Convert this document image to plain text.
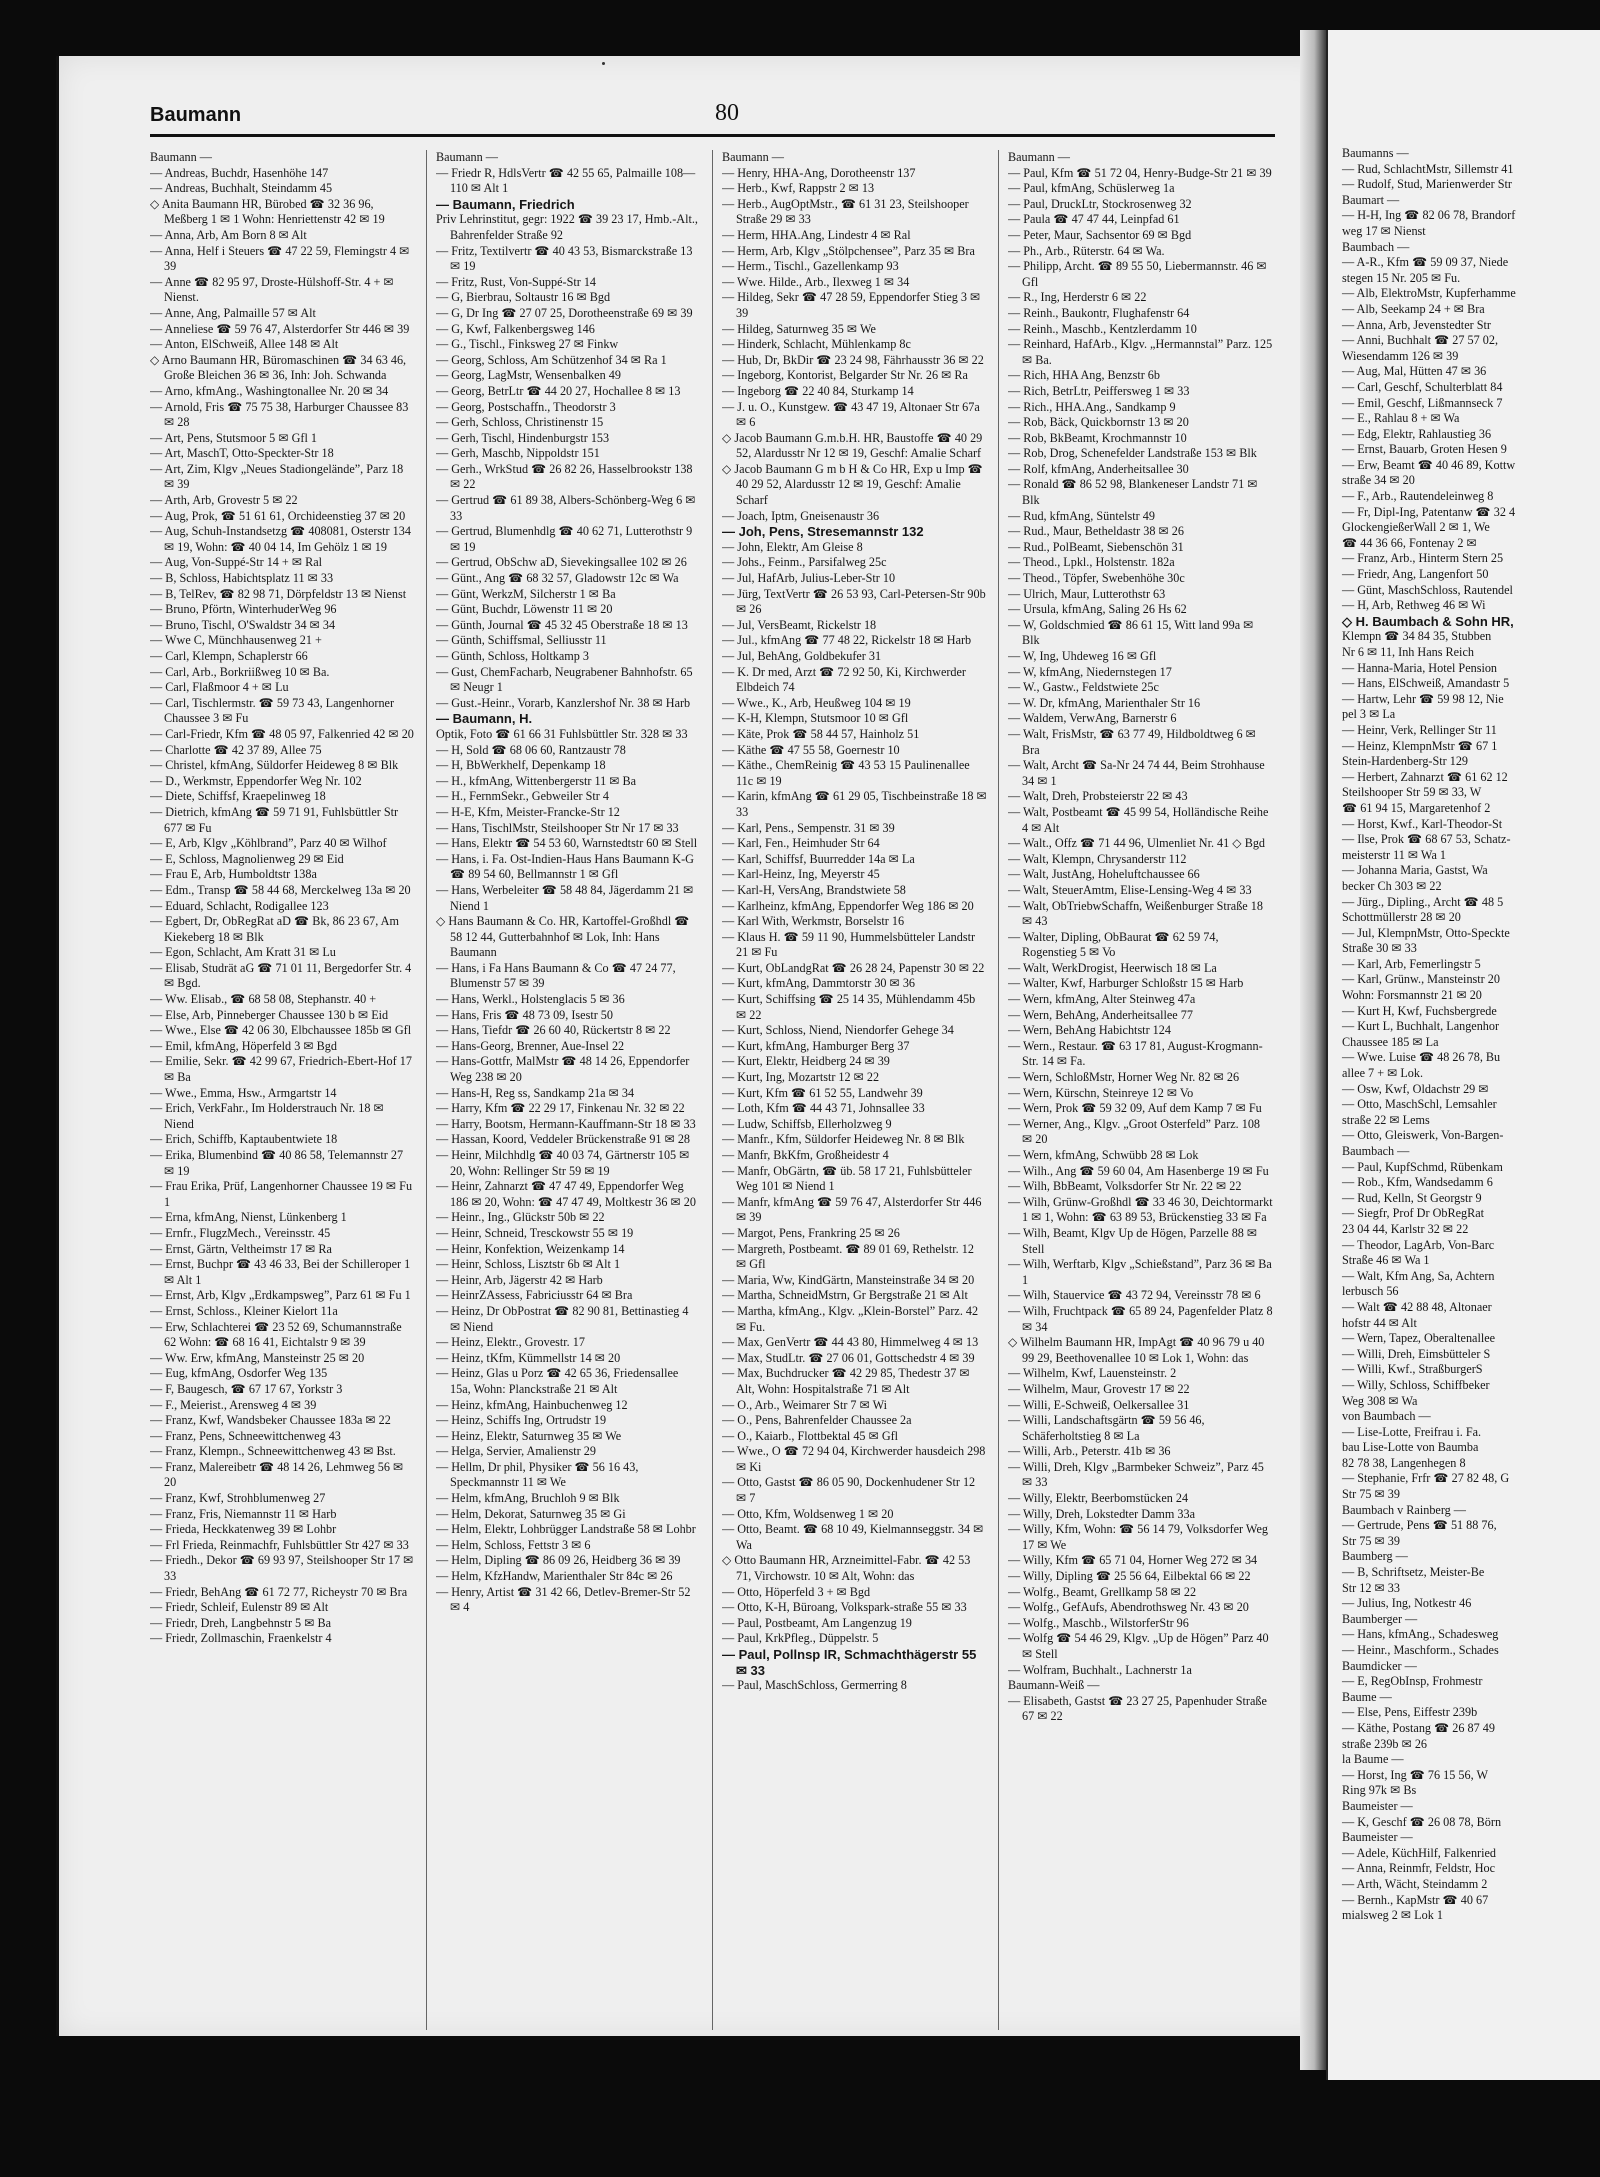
Baumanns —
— Rud, SchlachtMstr, Sillemstr 41
— Rudolf, Stud, Marienwerder Str
Baumart —
— H-H, Ing ☎ 82 06 78, Brandorf
weg 17 ✉ Nienst
Baumbach —
— A-R., Kfm ☎ 59 09 37, Niede
stegen 15 Nr. 205 ✉ Fu.
— Alb, ElektroMstr, Kupferhamme
— Alb, Seekamp 24 + ✉ Bra
— Anna, Arb, Jevenstedter Str
— Anni, Buchhalt ☎ 27 57 02,
Wiesendamm 126 ✉ 39
— Aug, Mal, Hütten 47 ✉ 36
— Carl, Geschf, Schulterblatt 84
— Emil, Geschf, Lißmannseck 7
— E., Rahlau 8 + ✉ Wa
— Edg, Elektr, Rahlaustieg 36
— Ernst, Bauarb, Groten Hesen 9
— Erw, Beamt ☎ 40 46 89, Kottw
straße 34 ✉ 20
— F., Arb., Rautendeleinweg 8
— Fr, Dipl-Ing, Patentanw ☎ 32 4
GlockengießerWall 2 ✉ 1, We
☎ 44 36 66, Fontenay 2 ✉
— Franz, Arb., Hinterm Stern 25
— Friedr, Ang, Langenfort 50
— Günt, MaschSchloss, Rautendel
— H, Arb, Rethweg 46 ✉ Wi
◇ H. Baumbach & Sohn HR,
Klempn ☎ 34 84 35, Stubben
Nr 6 ✉ 11, Inh Hans Reich
— Hanna-Maria, Hotel Pension
— Hans, ElSchweiß, Amandastr 5
— Hartw, Lehr ☎ 59 98 12, Nie
pel 3 ✉ La
— Heinr, Verk, Rellinger Str 11
— Heinz, KlempnMstr ☎ 67 1
Stein-Hardenberg-Str 129
— Herbert, Zahnarzt ☎ 61 62 12
Steilshooper Str 59 ✉ 33, W
☎ 61 94 15, Margaretenhof 2
— Horst, Kwf., Karl-Theodor-St
— Ilse, Prok ☎ 68 67 53, Schatz-
meisterstr 11 ✉ Wa 1
— Johanna Maria, Gastst, Wa
becker Ch 303 ✉ 22
— Jürg., Dipling., Archt ☎ 48 5
Schottmüllerstr 28 ✉ 20
— Jul, KlempnMstr, Otto-Speckte
Straße 30 ✉ 33
— Karl, Arb, Femerlingstr 5
— Karl, Grünw., Mansteinstr 20
Wohn: Forsmannstr 21 ✉ 20
— Kurt H, Kwf, Fuchsbergrede
— Kurt L, Buchhalt, Langenhor
Chaussee 185 ✉ La
— Wwe. Luise ☎ 48 26 78, Bu
allee 7 + ✉ Lok.
— Osw, Kwf, Oldachstr 29 ✉
— Otto, MaschSchl, Lemsahler
straße 22 ✉ Lems
— Otto, Gleiswerk, Von-Bargen-
Baumbach —
— Paul, KupfSchmd, Rübenkam
— Rob., Kfm, Wandsedamm 6
— Rud, Kelln, St Georgstr 9
— Siegfr, Prof Dr ObRegRat
23 04 44, Karlstr 32 ✉ 22
— Theodor, LagArb, Von-Barc
Straße 46 ✉ Wa 1
— Walt, Kfm Ang, Sa, Achtern
lerbusch 56
— Walt ☎ 42 88 48, Altonaer
hofstr 44 ✉ Alt
— Wern, Tapez, Oberaltenallee
— Willi, Dreh, Eimsbütteler S
— Willi, Kwf., StraßburgerS
— Willy, Schloss, Schiffbeker
Weg 308 ✉ Wa
von Baumbach —
— Lise-Lotte, Freifrau i. Fa.
bau Lise-Lotte von Baumba
82 78 38, Langenhegen 8
— Stephanie, Frfr ☎ 27 82 48, G
Str 75 ✉ 39
Baumbach v Rainberg —
— Gertrude, Pens ☎ 51 88 76,
Str 75 ✉ 39
Baumberg —
— B, Schriftsetz, Meister-Be
Str 12 ✉ 33
— Julius, Ing, Notkestr 46
Baumberger —
— Hans, kfmAng., Schadesweg
— Heinr., Maschform., Schades
Baumdicker —
— E, RegObInsp, Frohmestr
Baume —
— Else, Pens, Eiffestr 239b
— Käthe, Postang ☎ 26 87 49
straße 239b ✉ 26
la Baume —
— Horst, Ing ☎ 76 15 56, W
Ring 97k ✉ Bs
Baumeister —
— K, Geschf ☎ 26 08 78, Börn
Baumeister —
— Adele, KüchHilf, Falkenried
— Anna, Reinmfr, Feldstr, Hoc
— Arth, Wächt, Steindamm 2
— Bernh., KapMstr ☎ 40 67
mialsweg 2 ✉ Lok 1
Baumann	80
Baumann —
— Andreas, Buchdr, Hasenhöhe 147
— Andreas, Buchhalt, Steindamm 45
◇ Anita Baumann HR, Bürobed ☎ 32 36 96, Meßberg 1 ✉ 1 Wohn: Henriettenstr 42 ✉ 19
— Anna, Arb, Am Born 8 ✉ Alt
— Anna, Helf i Steuers ☎ 47 22 59, Flemingstr 4 ✉ 39
— Anne ☎ 82 95 97, Droste-Hülshoff-Str. 4 + ✉ Nienst.
— Anne, Ang, Palmaille 57 ✉ Alt
— Anneliese ☎ 59 76 47, Alsterdorfer Str 446 ✉ 39
— Anton, ElSchweiß, Allee 148 ✉ Alt
◇ Arno Baumann HR, Büromaschinen ☎ 34 63 46, Große Bleichen 36 ✉ 36, Inh: Joh. Schwanda
— Arno, kfmAng., Washingtonallee Nr. 20 ✉ 34
— Arnold, Fris ☎ 75 75 38, Harburger Chaussee 83 ✉ 28
— Art, Pens, Stutsmoor 5 ✉ Gfl 1
— Art, MaschT, Otto-Speckter-Str 18
— Art, Zim, Klgv „Neues Stadiongelände”, Parz 18 ✉ 39
— Arth, Arb, Grovestr 5 ✉ 22
— Aug, Prok, ☎ 51 61 61, Orchideenstieg 37 ✉ 20
— Aug, Schuh-Instandsetzg ☎ 408081, Osterstr 134 ✉ 19, Wohn: ☎ 40 04 14, Im Gehölz 1 ✉ 19
— Aug, Von-Suppé-Str 14 + ✉ Ral
— B, Schloss, Habichtsplatz 11 ✉ 33
— B, TelRev, ☎ 82 98 71, Dörpfeldstr 13 ✉ Nienst
— Bruno, Pförtn, WinterhuderWeg 96
— Bruno, Tischl, O'Swaldstr 34 ✉ 34
— Wwe C, Münchhausenweg 21 +
— Carl, Klempn, Schaplerstr 66
— Carl, Arb., Borkriißweg 10 ✉ Ba.
— Carl, Flaßmoor 4 + ✉ Lu
— Carl, Tischlermstr. ☎ 59 73 43, Langenhorner Chaussee 3 ✉ Fu
— Carl-Friedr, Kfm ☎ 48 05 97, Falkenried 42 ✉ 20
— Charlotte ☎ 42 37 89, Allee 75
— Christel, kfmAng, Süldorfer Heideweg 8 ✉ Blk
— D., Werkmstr, Eppendorfer Weg Nr. 102
— Diete, Schiffsf, Kraepelinweg 18
— Dietrich, kfmAng ☎ 59 71 91, Fuhlsbüttler Str 677 ✉ Fu
— E, Arb, Klgv „Köhlbrand”, Parz 40 ✉ Wilhof
— E, Schloss, Magnolienweg 29 ✉ Eid
— Frau E, Arb, Humboldtstr 138a
— Edm., Transp ☎ 58 44 68, Merckelweg 13a ✉ 20
— Eduard, Schlacht, Rodigallee 123
— Egbert, Dr, ObRegRat aD ☎ Bk, 86 23 67, Am Kiekeberg 18 ✉ Blk
— Egon, Schlacht, Am Kratt 31 ✉ Lu
— Elisab, Studrät aG ☎ 71 01 11, Bergedorfer Str. 4 ✉ Bgd.
— Ww. Elisab., ☎ 68 58 08, Stephanstr. 40 +
— Else, Arb, Pinneberger Chaussee 130 b ✉ Eid
— Wwe., Else ☎ 42 06 30, Elbchaussee 185b ✉ Gfl
— Emil, kfmAng, Höperfeld 3 ✉ Bgd
— Emilie, Sekr. ☎ 42 99 67, Friedrich-Ebert-Hof 17 ✉ Ba
— Wwe., Emma, Hsw., Armgartstr 14
— Erich, VerkFahr., Im Holderstrauch Nr. 18 ✉ Niend
— Erich, Schiffb, Kaptaubentwiete 18
— Erika, Blumenbind ☎ 40 86 58, Telemannstr 27 ✉ 19
— Frau Erika, Prüf, Langenhorner Chaussee 19 ✉ Fu 1
— Erna, kfmAng, Nienst, Lünkenberg 1
— Ernfr., FlugzMech., Vereinsstr. 45
— Ernst, Gärtn, Veltheimstr 17 ✉ Ra
— Ernst, Buchpr ☎ 43 46 33, Bei der Schilleroper 1 ✉ Alt 1
— Ernst, Arb, Klgv „Erdkampsweg”, Parz 61 ✉ Fu 1
— Ernst, Schloss., Kleiner Kielort 11a
— Erw, Schlachterei ☎ 23 52 69, Schumannstraße 62 Wohn: ☎ 68 16 41, Eichtalstr 9 ✉ 39
— Ww. Erw, kfmAng, Mansteinstr 25 ✉ 20
— Eug, kfmAng, Osdorfer Weg 135
— F, Baugesch, ☎ 67 17 67, Yorkstr 3
— F., Meierist., Arensweg 4 ✉ 39
— Franz, Kwf, Wandsbeker Chaussee 183a ✉ 22
— Franz, Pens, Schneewittchenweg 43
— Franz, Klempn., Schneewittchenweg 43 ✉ Bst.
— Franz, Malereibetr ☎ 48 14 26, Lehmweg 56 ✉ 20
— Franz, Kwf, Strohblumenweg 27
— Franz, Fris, Niemannstr 11 ✉ Harb
— Frieda, Heckkatenweg 39 ✉ Lohbr
— Frl Frieda, Reinmachfr, Fuhlsbüttler Str 427 ✉ 33
— Friedh., Dekor ☎ 69 93 97, Steilshooper Str 17 ✉ 33
— Friedr, BehAng ☎ 61 72 77, Richeystr 70 ✉ Bra
— Friedr, Schleif, Eulenstr 89 ✉ Alt
— Friedr, Dreh, Langbehnstr 5 ✉ Ba
— Friedr, Zollmaschin, Fraenkelstr 4
Baumann —
— Friedr R, HdlsVertr ☎ 42 55 65, Palmaille 108—110 ✉ Alt 1
— Baumann, Friedrich
Priv Lehrinstitut, gegr: 1922 ☎ 39 23 17, Hmb.-Alt., Bahrenfelder Straße 92
— Fritz, Textilvertr ☎ 40 43 53, Bismarckstraße 13 ✉ 19
— Fritz, Rust, Von-Suppé-Str 14
— G, Bierbrau, Soltaustr 16 ✉ Bgd
— G, Dr Ing ☎ 27 07 25, Dorotheenstraße 69 ✉ 39
— G, Kwf, Falkenbergsweg 146
— G., Tischl., Finksweg 27 ✉ Finkw
— Georg, Schloss, Am Schützenhof 34 ✉ Ra 1
— Georg, LagMstr, Wensenbalken 49
— Georg, BetrLtr ☎ 44 20 27, Hochallee 8 ✉ 13
— Georg, Postschaffn., Theodorstr 3
— Gerh, Schloss, Christinenstr 15
— Gerh, Tischl, Hindenburgstr 153
— Gerh, Maschb, Nippoldstr 151
— Gerh., WrkStud ☎ 26 82 26, Hasselbrookstr 138 ✉ 22
— Gertrud ☎ 61 89 38, Albers-Schönberg-Weg 6 ✉ 33
— Gertrud, Blumenhdlg ☎ 40 62 71, Lutterothstr 9 ✉ 19
— Gertrud, ObSchw aD, Sievekingsallee 102 ✉ 26
— Günt., Ang ☎ 68 32 57, Gladowstr 12c ✉ Wa
— Günt, WerkzM, Silcherstr 1 ✉ Ba
— Günt, Buchdr, Löwenstr 11 ✉ 20
— Günth, Journal ☎ 45 32 45 Oberstraße 18 ✉ 13
— Günth, Schiffsmal, Selliusstr 11
— Günth, Schloss, Holtkamp 3
— Gust, ChemFacharb, Neugrabener Bahnhofstr. 65 ✉ Neugr 1
— Gust.-Heinr., Vorarb, Kanzlershof Nr. 38 ✉ Harb
— Baumann, H.
Optik, Foto ☎ 61 66 31 Fuhlsbüttler Str. 328 ✉ 33
— H, Sold ☎ 68 06 60, Rantzaustr 78
— H, BbWerkhelf, Depenkamp 18
— H., kfmAng, Wittenbergerstr 11 ✉ Ba
— H., FernmSekr., Gebweiler Str 4
— H-E, Kfm, Meister-Francke-Str 12
— Hans, TischlMstr, Steilshooper Str Nr 17 ✉ 33
— Hans, Elektr ☎ 54 53 60, Warnstedtstr 60 ✉ Stell
— Hans, i. Fa. Ost-Indien-Haus Hans Baumann K-G ☎ 89 54 60, Bellmannstr 1 ✉ Gfl
— Hans, Werbeleiter ☎ 58 48 84, Jägerdamm 21 ✉ Niend 1
◇ Hans Baumann & Co. HR, Kartoffel-Großhdl ☎ 58 12 44, Gutterbahnhof ✉ Lok, Inh: Hans Baumann
— Hans, i Fa Hans Baumann & Co ☎ 47 24 77, Blumenstr 57 ✉ 39
— Hans, Werkl., Holstenglacis 5 ✉ 36
— Hans, Fris ☎ 48 73 09, Isestr 50
— Hans, Tiefdr ☎ 26 60 40, Rückertstr 8 ✉ 22
— Hans-Georg, Brenner, Aue-Insel 22
— Hans-Gottfr, MalMstr ☎ 48 14 26, Eppendorfer Weg 238 ✉ 20
— Hans-H, Reg ss, Sandkamp 21a ✉ 34
— Harry, Kfm ☎ 22 29 17, Finkenau Nr. 32 ✉ 22
— Harry, Bootsm, Hermann-Kauffmann-Str 18 ✉ 33
— Hassan, Koord, Veddeler Brückenstraße 91 ✉ 28
— Heinr, Milchhdlg ☎ 40 03 74, Gärtnerstr 105 ✉ 20, Wohn: Rellinger Str 59 ✉ 19
— Heinr, Zahnarzt ☎ 47 47 49, Eppendorfer Weg 186 ✉ 20, Wohn: ☎ 47 47 49, Moltkestr 36 ✉ 20
— Heinr., Ing., Glückstr 50b ✉ 22
— Heinr, Schneid, Tresckowstr 55 ✉ 19
— Heinr, Konfektion, Weizenkamp 14
— Heinr, Schloss, Lisztstr 6b ✉ Alt 1
— Heinr, Arb, Jägerstr 42 ✉ Harb
— HeinrZAssess, Fabriciusstr 64 ✉ Bra
— Heinz, Dr ObPostrat ☎ 82 90 81, Bettinastieg 4 ✉ Niend
— Heinz, Elektr., Grovestr. 17
— Heinz, tKfm, Kümmellstr 14 ✉ 20
— Heinz, Glas u Porz ☎ 42 65 36, Friedensallee 15a, Wohn: Planckstraße 21 ✉ Alt
— Heinz, kfmAng, Hainbuchenweg 12
— Heinz, Schiffs Ing, Ortrudstr 19
— Heinz, Elektr, Saturnweg 35 ✉ We
— Helga, Servier, Amalienstr 29
— Hellm, Dr phil, Physiker ☎ 56 16 43, Speckmannstr 11 ✉ We
— Helm, kfmAng, Bruchloh 9 ✉ Blk
— Helm, Dekorat, Saturnweg 35 ✉ Gi
— Helm, Elektr, Lohbrügger Landstraße 58 ✉ Lohbr
— Helm, Schloss, Fettstr 3 ✉ 6
— Helm, Dipling ☎ 86 09 26, Heidberg 36 ✉ 39
— Helm, KfzHandw, Marienthaler Str 84c ✉ 26
— Henry, Artist ☎ 31 42 66, Detlev-Bremer-Str 52 ✉ 4
Baumann —
— Henry, HHA-Ang, Dorotheenstr 137
— Herb., Kwf, Rappstr 2 ✉ 13
— Herb., AugOptMstr., ☎ 61 31 23, Steilshooper Straße 29 ✉ 33
— Herm, HHA.Ang, Lindestr 4 ✉ Ral
— Herm, Arb, Klgv „Stölpchensee”, Parz 35 ✉ Bra
— Herm., Tischl., Gazellenkamp 93
— Wwe. Hilde., Arb., Ilexweg 1 ✉ 34
— Hildeg, Sekr ☎ 47 28 59, Eppendorfer Stieg 3 ✉ 39
— Hildeg, Saturnweg 35 ✉ We
— Hinderk, Schlacht, Mühlenkamp 8c
— Hub, Dr, BkDir ☎ 23 24 98, Fährhausstr 36 ✉ 22
— Ingeborg, Kontorist, Belgarder Str Nr. 26 ✉ Ra
— Ingeborg ☎ 22 40 84, Sturkamp 14
— J. u. O., Kunstgew. ☎ 43 47 19, Altonaer Str 67a ✉ 6
◇ Jacob Baumann G.m.b.H. HR, Baustoffe ☎ 40 29 52, Alardusstr Nr 12 ✉ 19, Geschf: Amalie Scharf
◇ Jacob Baumann G m b H & Co HR, Exp u Imp ☎ 40 29 52, Alardusstr 12 ✉ 19, Geschf: Amalie Scharf
— Joach, Iptm, Gneisenaustr 36
— Joh, Pens, Stresemannstr 132
— John, Elektr, Am Gleise 8
— Johs., Feinm., Parsifalweg 25c
— Jul, HafArb, Julius-Leber-Str 10
— Jürg, TextVertr ☎ 26 53 93, Carl-Petersen-Str 90b ✉ 26
— Jul, VersBeamt, Rickelstr 18
— Jul., kfmAng ☎ 77 48 22, Rickelstr 18 ✉ Harb
— Jul, BehAng, Goldbekufer 31
— K. Dr med, Arzt ☎ 72 92 50, Ki, Kirchwerder Elbdeich 74
— Wwe., K., Arb, Heußweg 104 ✉ 19
— K-H, Klempn, Stutsmoor 10 ✉ Gfl
— Käte, Prok ☎ 58 44 57, Hainholz 51
— Käthe ☎ 47 55 58, Goernestr 10
— Käthe., ChemReinig ☎ 43 53 15 Paulinenallee 11c ✉ 19
— Karin, kfmAng ☎ 61 29 05, Tischbeinstraße 18 ✉ 33
— Karl, Pens., Sempenstr. 31 ✉ 39
— Karl, Fen., Heimhuder Str 64
— Karl, Schiffsf, Buurredder 14a ✉ La
— Karl-Heinz, Ing, Meyerstr 45
— Karl-H, VersAng, Brandstwiete 58
— Karlheinz, kfmAng, Eppendorfer Weg 186 ✉ 20
— Karl With, Werkmstr, Borselstr 16
— Klaus H. ☎ 59 11 90, Hummelsbütteler Landstr 21 ✉ Fu
— Kurt, ObLandgRat ☎ 26 28 24, Papenstr 30 ✉ 22
— Kurt, kfmAng, Dammtorstr 30 ✉ 36
— Kurt, Schiffsing ☎ 25 14 35, Mühlendamm 45b ✉ 22
— Kurt, Schloss, Niend, Niendorfer Gehege 34
— Kurt, kfmAng, Hamburger Berg 37
— Kurt, Elektr, Heidberg 24 ✉ 39
— Kurt, Ing, Mozartstr 12 ✉ 22
— Kurt, Kfm ☎ 61 52 55, Landwehr 39
— Loth, Kfm ☎ 44 43 71, Johnsallee 33
— Ludw, Schiffsb, Ellerholzweg 9
— Manfr., Kfm, Süldorfer Heideweg Nr. 8 ✉ Blk
— Manfr, BkKfm, Großheidestr 4
— Manfr, ObGärtn, ☎ üb. 58 17 21, Fuhlsbütteler Weg 101 ✉ Niend 1
— Manfr, kfmAng ☎ 59 76 47, Alsterdorfer Str 446 ✉ 39
— Margot, Pens, Frankring 25 ✉ 26
— Margreth, Postbeamt. ☎ 89 01 69, Rethelstr. 12 ✉ Gfl
— Maria, Ww, KindGärtn, Mansteinstraße 34 ✉ 20
— Martha, SchneidMstrn, Gr Bergstraße 21 ✉ Alt
— Martha, kfmAng., Klgv. „Klein-Borstel” Parz. 42 ✉ Fu.
— Max, GenVertr ☎ 44 43 80, Himmelweg 4 ✉ 13
— Max, StudLtr. ☎ 27 06 01, Gottschedstr 4 ✉ 39
— Max, Buchdrucker ☎ 42 29 85, Thedestr 37 ✉ Alt, Wohn: Hospitalstraße 71 ✉ Alt
— O., Arb., Weimarer Str 7 ✉ Wi
— O., Pens, Bahrenfelder Chaussee 2a
— O., Kaiarb., Flottbektal 45 ✉ Gfl
— Wwe., O ☎ 72 94 04, Kirchwerder hausdeich 298 ✉ Ki
— Otto, Gastst ☎ 86 05 90, Dockenhudener Str 12 ✉ 7
— Otto, Kfm, Woldsenweg 1 ✉ 20
— Otto, Beamt. ☎ 68 10 49, Kielmannseggstr. 34 ✉ Wa
◇ Otto Baumann HR, Arzneimittel-Fabr. ☎ 42 53 71, Virchowstr. 10 ✉ Alt, Wohn: das
— Otto, Höperfeld 3 + ✉ Bgd
— Otto, K-H, Büroang, Volkspark-straße 55 ✉ 33
— Paul, Postbeamt, Am Langenzug 19
— Paul, KrkPfleg., Düppelstr. 5
— Paul, Pollnsp IR, Schmachthägerstr 55 ✉ 33
— Paul, MaschSchloss, Germerring 8
Baumann —
— Paul, Kfm ☎ 51 72 04, Henry-Budge-Str 21 ✉ 39
— Paul, kfmAng, Schüslerweg 1a
— Paul, DruckLtr, Stockrosenweg 32
— Paula ☎ 47 47 44, Leinpfad 61
— Peter, Maur, Sachsentor 69 ✉ Bgd
— Ph., Arb., Rüterstr. 64 ✉ Wa.
— Philipp, Archt. ☎ 89 55 50, Liebermannstr. 46 ✉ Gfl
— R., Ing, Herderstr 6 ✉ 22
— Reinh., Baukontr, Flughafenstr 64
— Reinh., Maschb., Kentzlerdamm 10
— Reinhard, HafArb., Klgv. „Hermannstal” Parz. 125 ✉ Ba.
— Rich, HHA Ang, Benzstr 6b
— Rich, BetrLtr, Peiffersweg 1 ✉ 33
— Rich., HHA.Ang., Sandkamp 9
— Rob, Bäck, Quickbornstr 13 ✉ 20
— Rob, BkBeamt, Krochmannstr 10
— Rob, Drog, Schenefelder Landstraße 153 ✉ Blk
— Rolf, kfmAng, Anderheitsallee 30
— Ronald ☎ 86 52 98, Blankeneser Landstr 71 ✉ Blk
— Rud, kfmAng, Süntelstr 49
— Rud., Maur, Betheldastr 38 ✉ 26
— Rud., PolBeamt, Siebenschön 31
— Theod., Lpkl., Holstenstr. 182a
— Theod., Töpfer, Swebenhöhe 30c
— Ulrich, Maur, Lutterothstr 63
— Ursula, kfmAng, Saling 26 Hs 62
— W, Goldschmied ☎ 86 61 15, Witt land 99a ✉ Blk
— W, Ing, Uhdeweg 16 ✉ Gfl
— W, kfmAng, Niedernstegen 17
— W., Gastw., Feldstwiete 25c
— W. Dr, kfmAng, Marienthaler Str 16
— Waldem, VerwAng, Barnerstr 6
— Walt, FrisMstr, ☎ 63 77 49, Hildboldtweg 6 ✉ Bra
— Walt, Archt ☎ Sa-Nr 24 74 44, Beim Strohhause 34 ✉ 1
— Walt, Dreh, Probsteierstr 22 ✉ 43
— Walt, Postbeamt ☎ 45 99 54, Holländische Reihe 4 ✉ Alt
— Walt., Offz ☎ 71 44 96, Ulmenliet Nr. 41 ◇ Bgd
— Walt, Klempn, Chrysanderstr 112
— Walt, JustAng, Hoheluftchaussee 66
— Walt, SteuerAmtm, Elise-Lensing-Weg 4 ✉ 33
— Walt, ObTriebwSchaffn, Weißenburger Straße 18 ✉ 43
— Walter, Dipling, ObBaurat ☎ 62 59 74, Rogenstieg 5 ✉ Vo
— Walt, WerkDrogist, Heerwisch 18 ✉ La
— Walter, Kwf, Harburger Schloßstr 15 ✉ Harb
— Wern, kfmAng, Alter Steinweg 47a
— Wern, BehAng, Anderheitsallee 77
— Wern, BehAng Habichtstr 124
— Wern., Restaur. ☎ 63 17 81, August-Krogmann-Str. 14 ✉ Fa.
— Wern, SchloßMstr, Horner Weg Nr. 82 ✉ 26
— Wern, Kürschn, Steinreye 12 ✉ Vo
— Wern, Prok ☎ 59 32 09, Auf dem Kamp 7 ✉ Fu
— Werner, Ang., Klgv. „Groot Osterfeld” Parz. 108 ✉ 20
— Wern, kfmAng, Schwübb 28 ✉ Lok
— Wilh., Ang ☎ 59 60 04, Am Hasenberge 19 ✉ Fu
— Wilh, BbBeamt, Volksdorfer Str Nr. 22 ✉ 22
— Wilh, Grünw-Großhdl ☎ 33 46 30, Deichtormarkt 1 ✉ 1, Wohn: ☎ 63 89 53, Brückenstieg 33 ✉ Fa
— Wilh, Beamt, Klgv Up de Högen, Parzelle 88 ✉ Stell
— Wilh, Werftarb, Klgv „Schießstand”, Parz 36 ✉ Ba 1
— Wilh, Stauervice ☎ 43 72 94, Vereinsstr 78 ✉ 6
— Wilh, Fruchtpack ☎ 65 89 24, Pagenfelder Platz 8 ✉ 34
◇ Wilhelm Baumann HR, ImpAgt ☎ 40 96 79 u 40 99 29, Beethovenallee 10 ✉ Lok 1, Wohn: das
— Wilhelm, Kwf, Lauensteinstr. 2
— Wilhelm, Maur, Grovestr 17 ✉ 22
— Willi, E-Schweiß, Oelkersallee 31
— Willi, Landschaftsgärtn ☎ 59 56 46, Schäferholtstieg 8 ✉ La
— Willi, Arb., Peterstr. 41b ✉ 36
— Willi, Dreh, Klgv „Barmbeker Schweiz”, Parz 45 ✉ 33
— Willy, Elektr, Beerbomstücken 24
— Willy, Dreh, Lokstedter Damm 33a
— Willy, Kfm, Wohn: ☎ 56 14 79, Volksdorfer Weg 17 ✉ We
— Willy, Kfm ☎ 65 71 04, Horner Weg 272 ✉ 34
— Willy, Dipling ☎ 25 56 64, Eilbektal 66 ✉ 22
— Wolfg., Beamt, Grellkamp 58 ✉ 22
— Wolfg., GefAufs, Abendrothsweg Nr. 43 ✉ 20
— Wolfg., Maschb., WilstorferStr 96
— Wolfg ☎ 54 46 29, Klgv. „Up de Högen” Parz 40 ✉ Stell
— Wolfram, Buchhalt., Lachnerstr 1a
Baumann-Weiß —
— Elisabeth, Gastst ☎ 23 27 25, Papenhuder Straße 67 ✉ 22
